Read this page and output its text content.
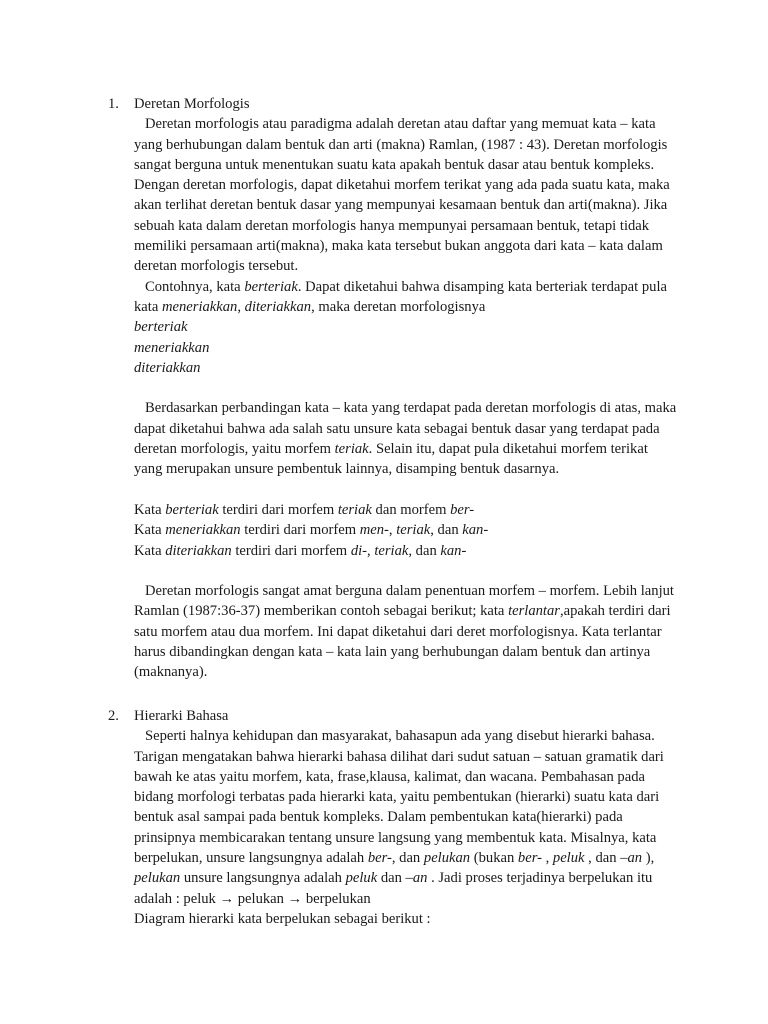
1.	Deretan Morfologis

Deretan morfologis atau paradigma adalah deretan atau daftar yang memuat kata – kata yang berhubungan dalam bentuk dan arti (makna) Ramlan, (1987 : 43). Deretan morfologis sangat berguna untuk menentukan suatu kata apakah bentuk dasar atau bentuk kompleks. Dengan deretan morfologis, dapat diketahui morfem terikat yang ada pada suatu kata, maka akan terlihat deretan bentuk dasar yang mempunyai kesamaan bentuk dan arti(makna). Jika sebuah kata dalam deretan morfologis hanya mempunyai persamaan bentuk, tetapi tidak memiliki persamaan arti(makna), maka kata tersebut bukan anggota dari kata – kata dalam deretan morfologis tersebut.

Contohnya, kata berteriak. Dapat diketahui bahwa disamping kata berteriak terdapat pula kata meneriakkan, diteriakkan, maka deretan morfologisnya

berteriak

meneriakkan

diteriakkan

Berdasarkan perbandingan kata – kata yang terdapat pada deretan morfologis di atas, maka dapat diketahui bahwa ada salah satu unsure kata sebagai bentuk dasar yang terdapat pada deretan morfologis, yaitu morfem teriak. Selain itu, dapat pula diketahui morfem terikat yang merupakan unsure pembentuk lainnya, disamping bentuk dasarnya.

Kata berteriak terdiri dari morfem teriak dan morfem ber-

Kata meneriakkan terdiri dari morfem men-, teriak, dan kan-

Kata diteriakkan terdiri dari morfem di-, teriak, dan kan-

Deretan morfologis sangat amat berguna dalam penentuan morfem – morfem. Lebih lanjut Ramlan (1987:36-37) memberikan contoh sebagai berikut; kata terlantar,apakah terdiri dari satu morfem atau dua morfem. Ini dapat diketahui dari deret morfologisnya. Kata terlantar harus dibandingkan dengan kata – kata lain yang berhubungan dalam bentuk dan artinya (maknanya).

2.	Hierarki Bahasa

Seperti halnya kehidupan dan masyarakat, bahasapun ada yang disebut hierarki bahasa. Tarigan mengatakan bahwa hierarki bahasa dilihat dari sudut satuan – satuan gramatik dari bawah ke atas yaitu morfem, kata, frase,klausa, kalimat, dan wacana. Pembahasan pada bidang morfologi terbatas pada hierarki kata, yaitu pembentukan (hierarki) suatu kata dari bentuk asal sampai pada bentuk kompleks. Dalam pembentukan kata(hierarki) pada prinsipnya membicarakan tentang unsure langsung yang membentuk kata. Misalnya, kata berpelukan, unsure langsungnya adalah ber-, dan pelukan (bukan ber- , peluk , dan –an ), pelukan unsure langsungnya adalah peluk dan –an . Jadi proses terjadinya berpelukan itu adalah : peluk → pelukan → berpelukan

Diagram hierarki kata berpelukan sebagai berikut :
